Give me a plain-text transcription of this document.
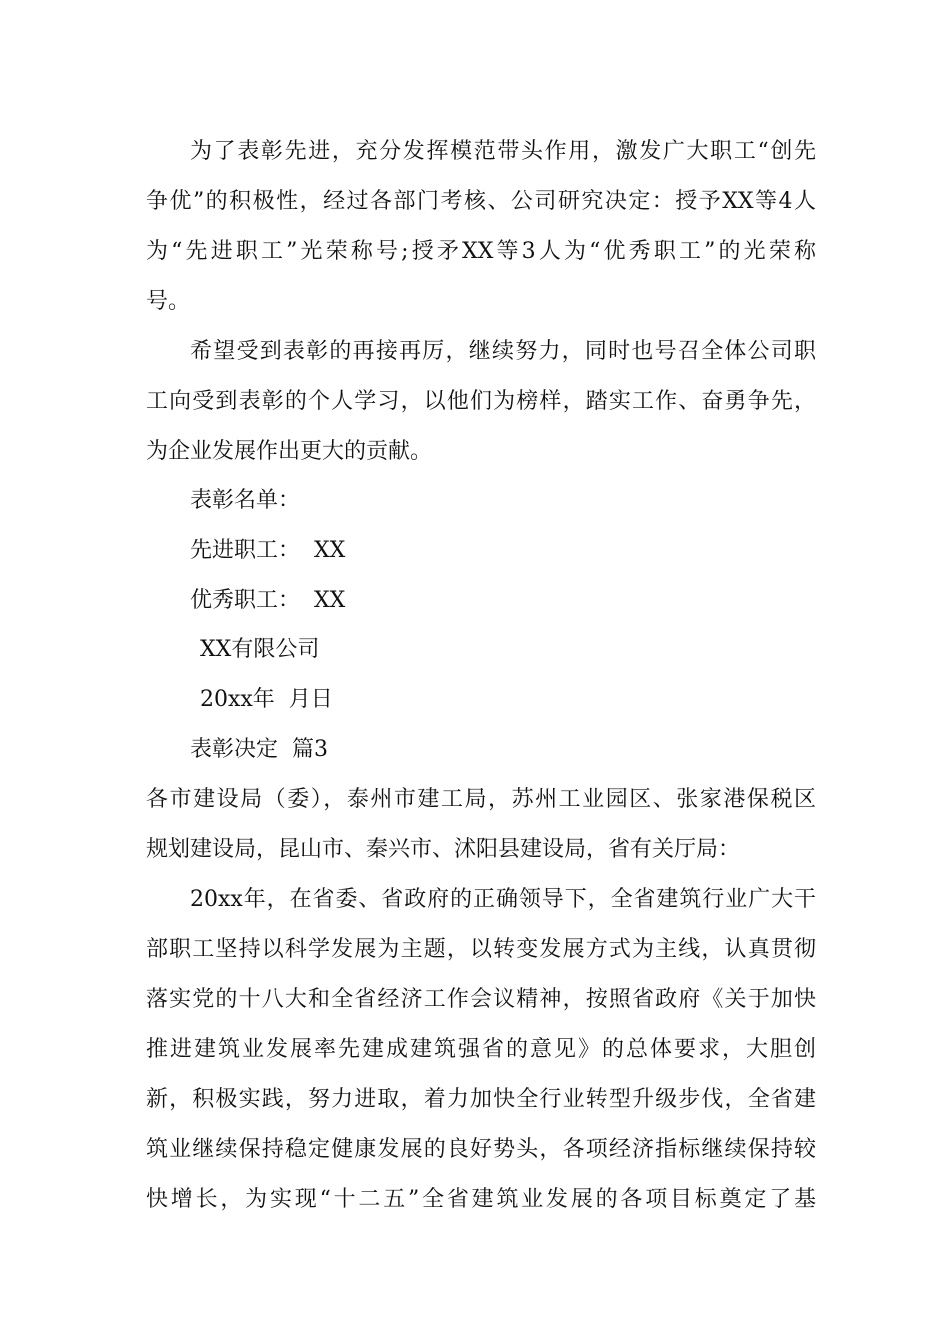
为了表彰先进，充分发挥模范带头作用，激发广大职工“创先
争优”的积极性，经过各部门考核、公司研究决定：授予XX等4人
为“先进职工”光荣称号;授矛XX等3人为“优秀职工”的光荣称
号。
希望受到表彰的再接再厉，继续努力，同时也号召全体公司职
工向受到表彰的个人学习，以他们为榜样，踏实工作、奋勇争先，
为企业发展作出更大的贡献。
表彰名单：
先进职工：  XX
优秀职工：  XX
XX有限公司
20xx年  月日
表彰决定  篇3
各市建设局（委），泰州市建工局，苏州工业园区、张家港保税区
规划建设局，昆山市、秦兴市、沭阳县建设局，省有关厅局：
20xx年，在省委、省政府的正确领导下，全省建筑行业广大干
部职工坚持以科学发展为主题，以转变发展方式为主线，认真贯彻
落实党的十八大和全省经济工作会议精神，按照省政府《关于加快
推进建筑业发展率先建成建筑强省的意见》的总体要求，大胆创
新，积极实践，努力进取，着力加快全行业转型升级步伐，全省建
筑业继续保持稳定健康发展的良好势头，各项经济指标继续保持较
快增长，为实现“十二五”全省建筑业发展的各项目标奠定了基
